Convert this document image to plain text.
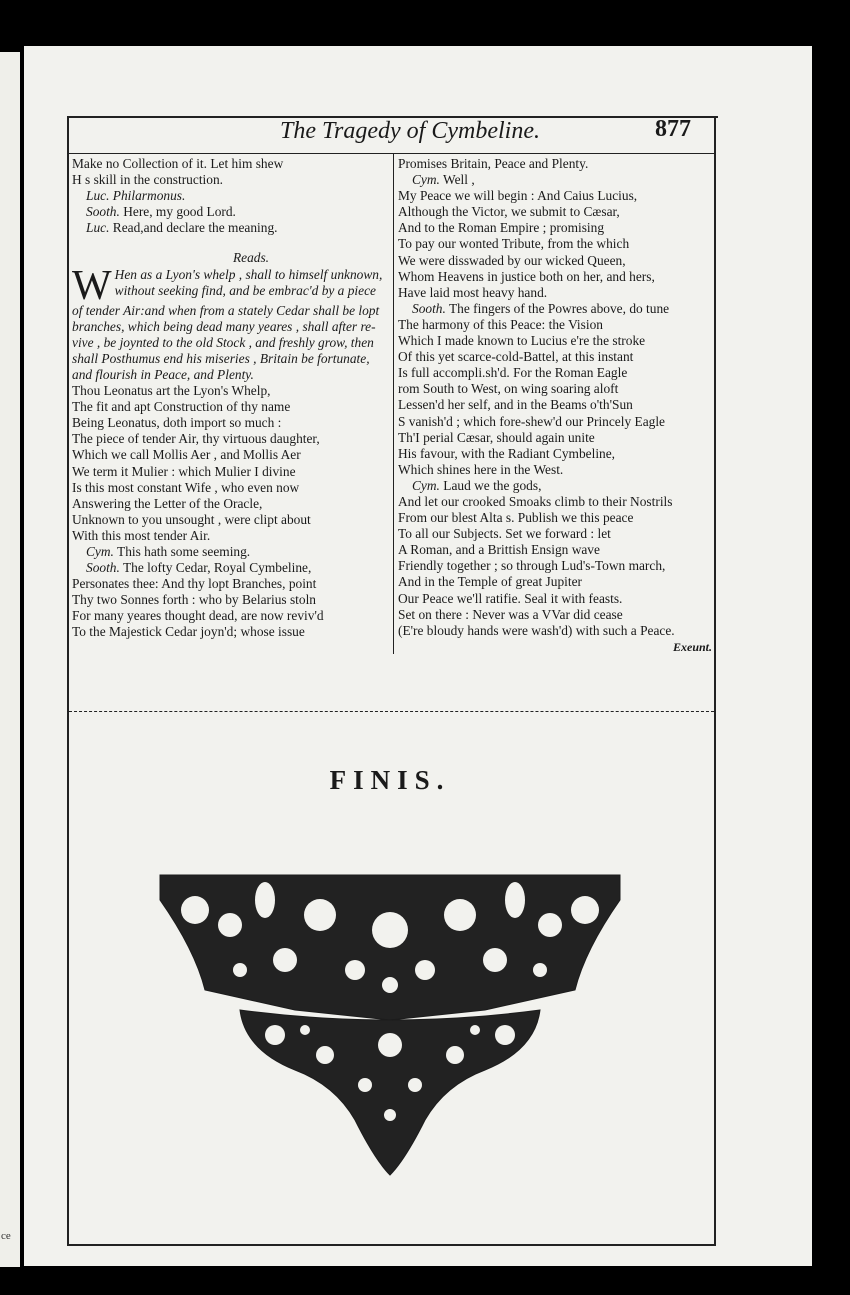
ce
The Tragedy of Cymbeline.	877
Make no Collection of it. Let him shew
H s skill in the construction.
Luc. Philarmonus.
Sooth. Here, my good Lord.
Luc. Read,and declare the meaning.
Reads.
W Hen as a Lyon's whelp , shall to himself unknown,
without seeking find, and be embrac'd by a piece
of tender Air:and when from a stately Cedar shall be lopt
branches, which being dead many yeares , shall after re-
vive , be joynted to the old Stock , and freshly grow, then
shall Posthumus end his miseries , Britain be fortunate,
and flourish in Peace, and Plenty.
Thou Leonatus art the Lyon's Whelp,
The fit and apt Construction of thy name
Being Leonatus, doth import so much :
The piece of tender Air, thy virtuous daughter,
Which we call Mollis Aer , and Mollis Aer
We term it Mulier : which Mulier I divine
Is this most constant Wife , who even now
Answering the Letter of the Oracle,
Unknown to you unsought , were clipt about
With this most tender Air.
Cym. This hath some seeming.
Sooth. The lofty Cedar, Royal Cymbeline,
Personates thee: And thy lopt Branches, point
Thy two Sonnes forth : who by Belarius stoln
For many yeares thought dead, are now reviv'd
To the Majestick Cedar joyn'd; whose issue
Promises Britain, Peace and Plenty.
Cym. Well ,
My Peace we will begin : And Caius Lucius,
Although the Victor, we submit to Cæsar,
And to the Roman Empire ; promising
To pay our wonted Tribute, from the which
We were disswaded by our wicked Queen,
Whom Heavens in justice both on her, and hers,
Have laid most heavy hand.
Sooth. The fingers of the Powres above, do tune
The harmony of this Peace: the Vision
Which I made known to Lucius e're the stroke
Of this yet scarce-cold-Battel, at this instant
Is full accompli.sh'd. For the Roman Eagle
rom South to West, on wing soaring aloft
Lessen'd her self, and in the Beams o'th'Sun
S vanish'd ; which fore-shew'd our Princely Eagle
Th'I perial Cæsar, should again unite
His favour, with the Radiant Cymbeline,
Which shines here in the West.
Cym. Laud we the gods,
And let our crooked Smoaks climb to their Nostrils
From our blest Alta s. Publish we this peace
To all our Subjects. Set we forward : let
A Roman, and a Brittish Ensign wave
Friendly together ; so through Lud's-Town march,
And in the Temple of great Jupiter
Our Peace we'll ratifie. Seal it with feasts.
Set on there : Never was a VVar did cease
(E're bloudy hands were wash'd) with such a Peace.
Exeunt.
FINIS.
